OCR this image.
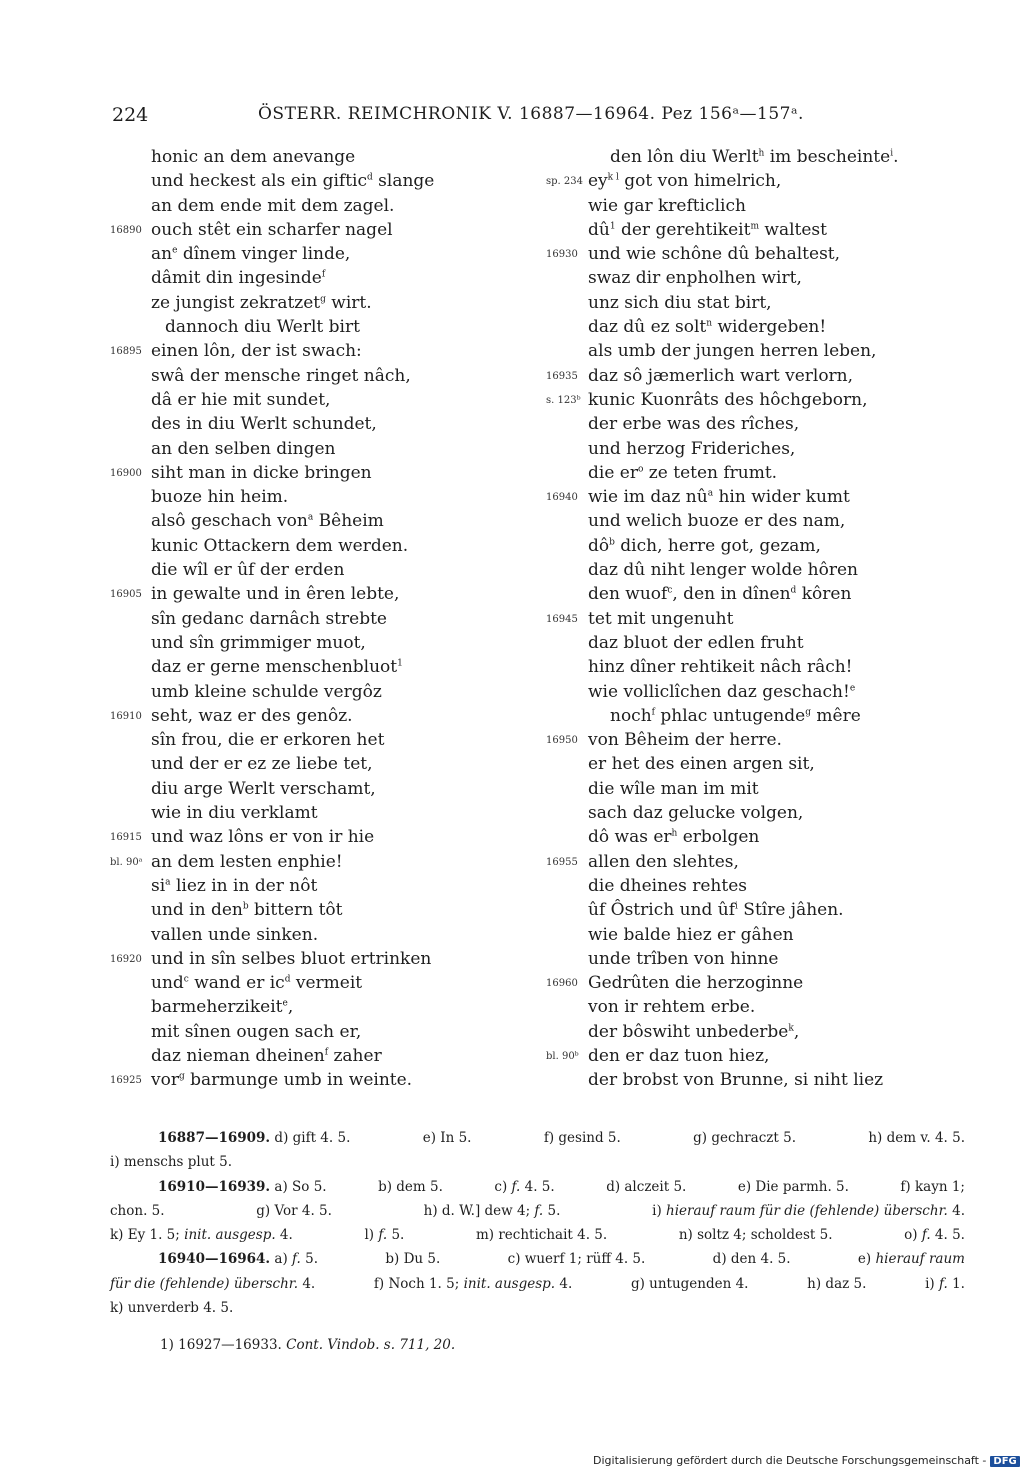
224	ÖSTERR. REIMCHRONIK V. 16887—16964. Pez 156ᵃ—157ᵃ.
honic an dem anevange
und heckest als ein giftic$^d$ slange
an dem ende mit dem zagel.
16890 ouch stêt ein scharfer nagel
$an^e$ dînem vinger linde,
dâmit din ingesinde$^f$
ze jungist zekratzet$^g$ wirt.
dannoch diu Werlt birt
16895 einen lôn, der ist swach:
swâ der mensche ringet nâch,
dâ er hie mit sundet,
des in diu Werlt schundet,
an den selben dingen
16900 siht man in dicke bringen
buoze hin heim.
alsô geschach von$^a$ Bêheim
kunic Ottackern dem werden.
die wîl er ûf der erden
16905 in gewalte und in êren lebte,
sîn gedanc darnâch strebte
und sîn grimmiger muot,
daz er gerne menschenbluot$^1$
umb kleine schulde vergôz
16910 seht, waz er des genôz.
sîn frou, die er erkoren het
und der er ez ze liebe tet,
diu arge Werlt verschamt,
wie in diu verklamt
16915 und waz lôns er von ir hie
bl. 90ᵃ an dem lesten enphie!
$si^a$ liez in in der nôt
und in den$^b$ bittern tôt
vallen unde sinken.
16920 und in sîn selbes bluot ertrinken
und$^c$ wand er $ic^d$ vermeit
barmeherzikeit$^e$,
mit sînen ougen sach er,
daz nieman dheinen$^f$ zaher
16925 vor$^g$ barmunge umb in weinte.
den lôn diu Werlt$^h$ im bescheinte$^i$.
sp. 234 $ey^{k l}$ got von himelrich,
wie gar krefticlich
$dû^1$ der gerehtikeit$^m$ waltest
16930 und wie schône dû behaltest,
swaz dir enpholhen wirt,
unz sich diu stat birt,
daz dû ez solt$^n$ widergeben!
als umb der jungen herren leben,
16935 daz sô jæmerlich wart verlorn,
s. 123ᵇ kunic Kuonrâts des hôchgeborn,
der erbe was des rîches,
und herzog Frideriches,
die $er^o$ ze teten frumt.
16940 wie im daz $nû^a$ hin wider kumt
und welich buoze er des nam,
$dô^b$ dich, herre got, gezam,
daz dû niht lenger wolde hôren
den wuof$^c$, den in dînen$^d$ kôren
16945 tet mit ungenuht
daz bluot der edlen fruht
hinz dîner rehtikeit nâch râch!
wie volliclîchen daz geschach!$^e$
noch$^f$ phlac untugende$^g$ mêre
16950 von Bêheim der herre.
er het des einen argen sit,
die wîle man im mit
sach daz gelucke volgen,
dô was $er^h$ erbolgen
16955 allen den slehtes,
die dheines rehtes
ûf Ôstrich und $ûf^i$ Stîre jâhen.
wie balde hiez er gâhen
unde trîben von hinne
16960 Gedrûten die herzoginne
von ir rehtem erbe.
der bôswiht unbederbe$^k$,
bl. 90ᵇ den er daz tuon hiez,
der brobst von Brunne, si niht liez
16887—16909. d) gift 4. 5.	e) In 5.	f) gesind 5.	g) gechraczt 5.	h) dem v. 4. 5.
i) menschs plut 5.
16910—16939. a) So 5.	b) dem 5.	c) f. 4. 5.	d) alczeit 5.	e) Die parmh. 5.	f) kayn 1;
chon. 5.	g) Vor 4. 5.	h) d. W.] dew 4; f. 5.	i) hierauf raum für die (fehlende) überschr. 4.
k) Ey 1. 5; init. ausgesp. 4.	l) f. 5.	m) rechtichait 4. 5.	n) soltz 4; scholdest 5.	o) f. 4. 5.
16940—16964. a) f. 5.	b) Du 5.	c) wuerf 1; rüff 4. 5.	d) den 4. 5.	e) hierauf raum
für die (fehlende) überschr. 4.	f) Noch 1. 5; init. ausgesp. 4.	g) untugenden 4.	h) daz 5.	i) f. 1.
k) unverderb 4. 5.
1) 16927—16933. Cont. Vindob. s. 711, 20.
Digitalisierung gefördert durch die Deutsche Forschungsgemeinschaft - DFG
